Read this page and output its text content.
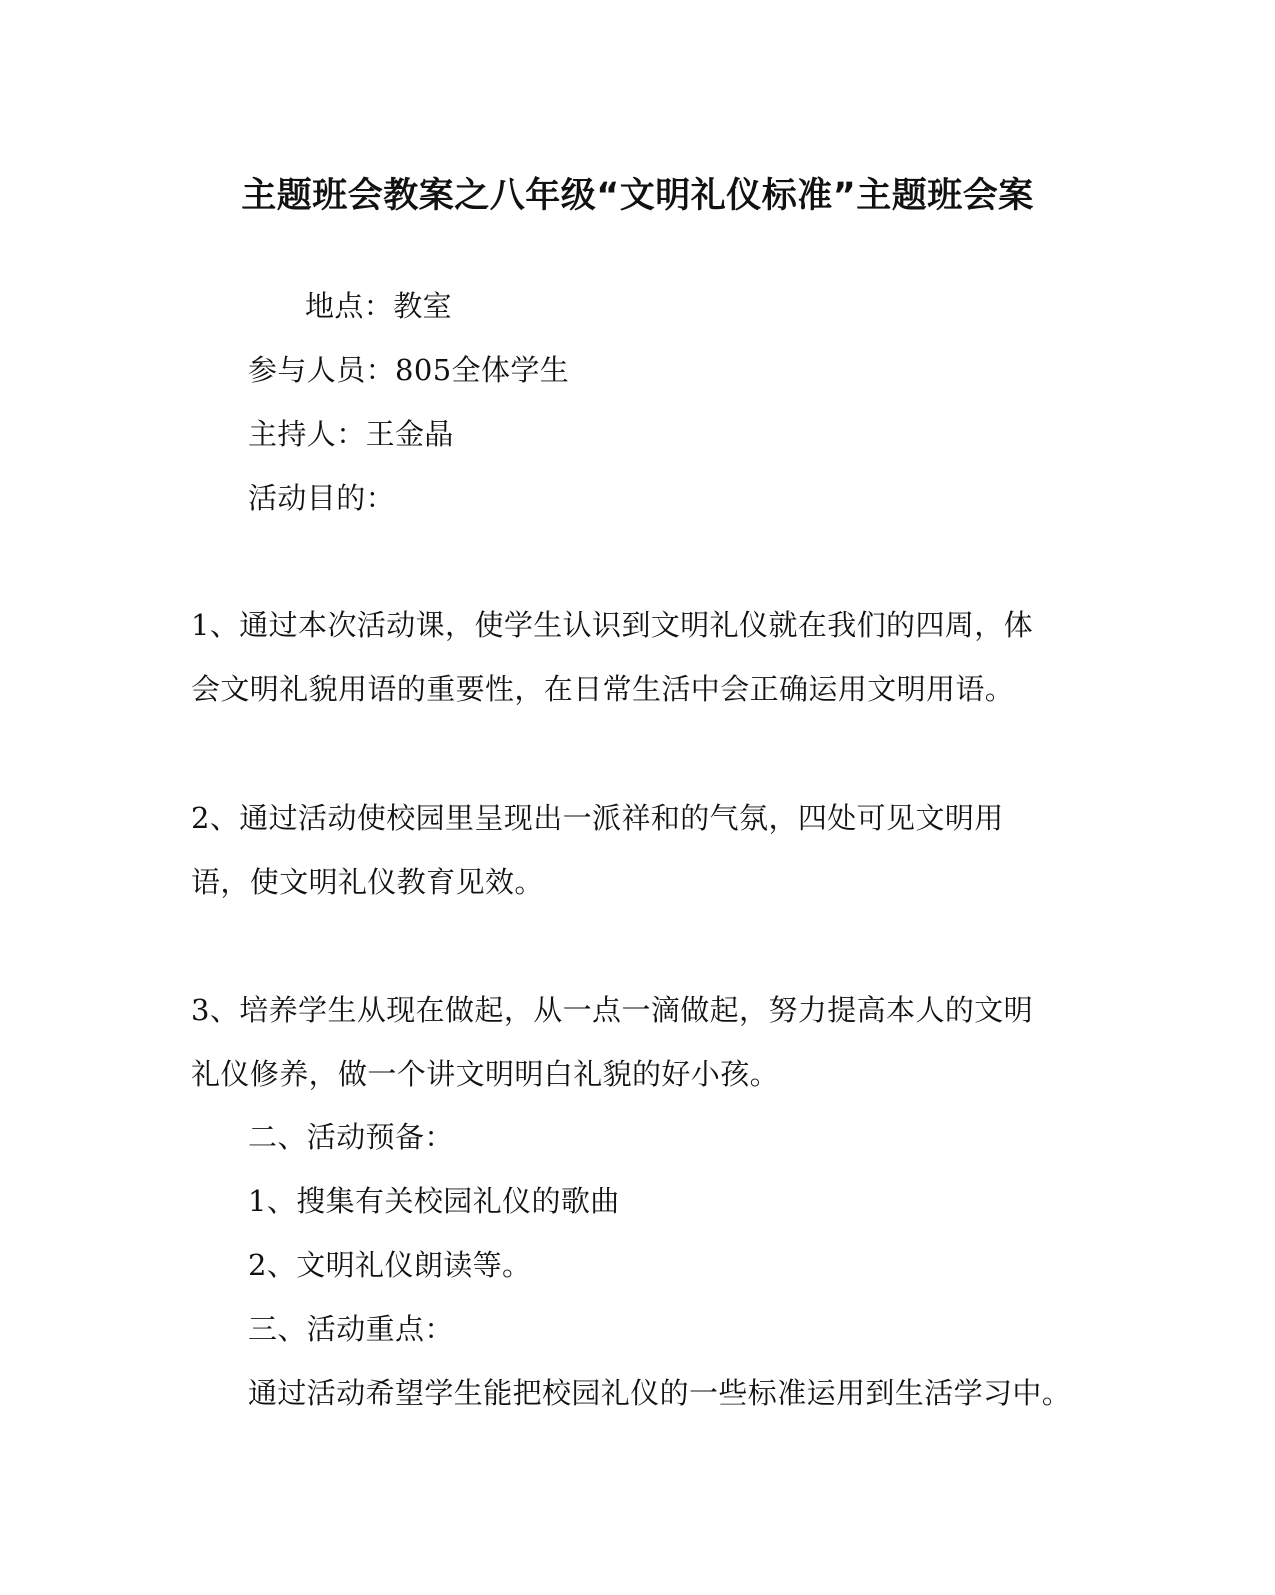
主题班会教案之八年级“文明礼仪标准”主题班会案
地点：教室
参与人员：805全体学生
主持人：王金晶
活动目的：
1、通过本次活动课，使学生认识到文明礼仪就在我们的四周，体会文明礼貌用语的重要性，在日常生活中会正确运用文明用语。
2、通过活动使校园里呈现出一派祥和的气氛，四处可见文明用语，使文明礼仪教育见效。
3、培养学生从现在做起，从一点一滴做起，努力提高本人的文明礼仪修养，做一个讲文明明白礼貌的好小孩。
二、活动预备：
1、搜集有关校园礼仪的歌曲
2、文明礼仪朗读等。
三、活动重点：
通过活动希望学生能把校园礼仪的一些标准运用到生活学习中。
